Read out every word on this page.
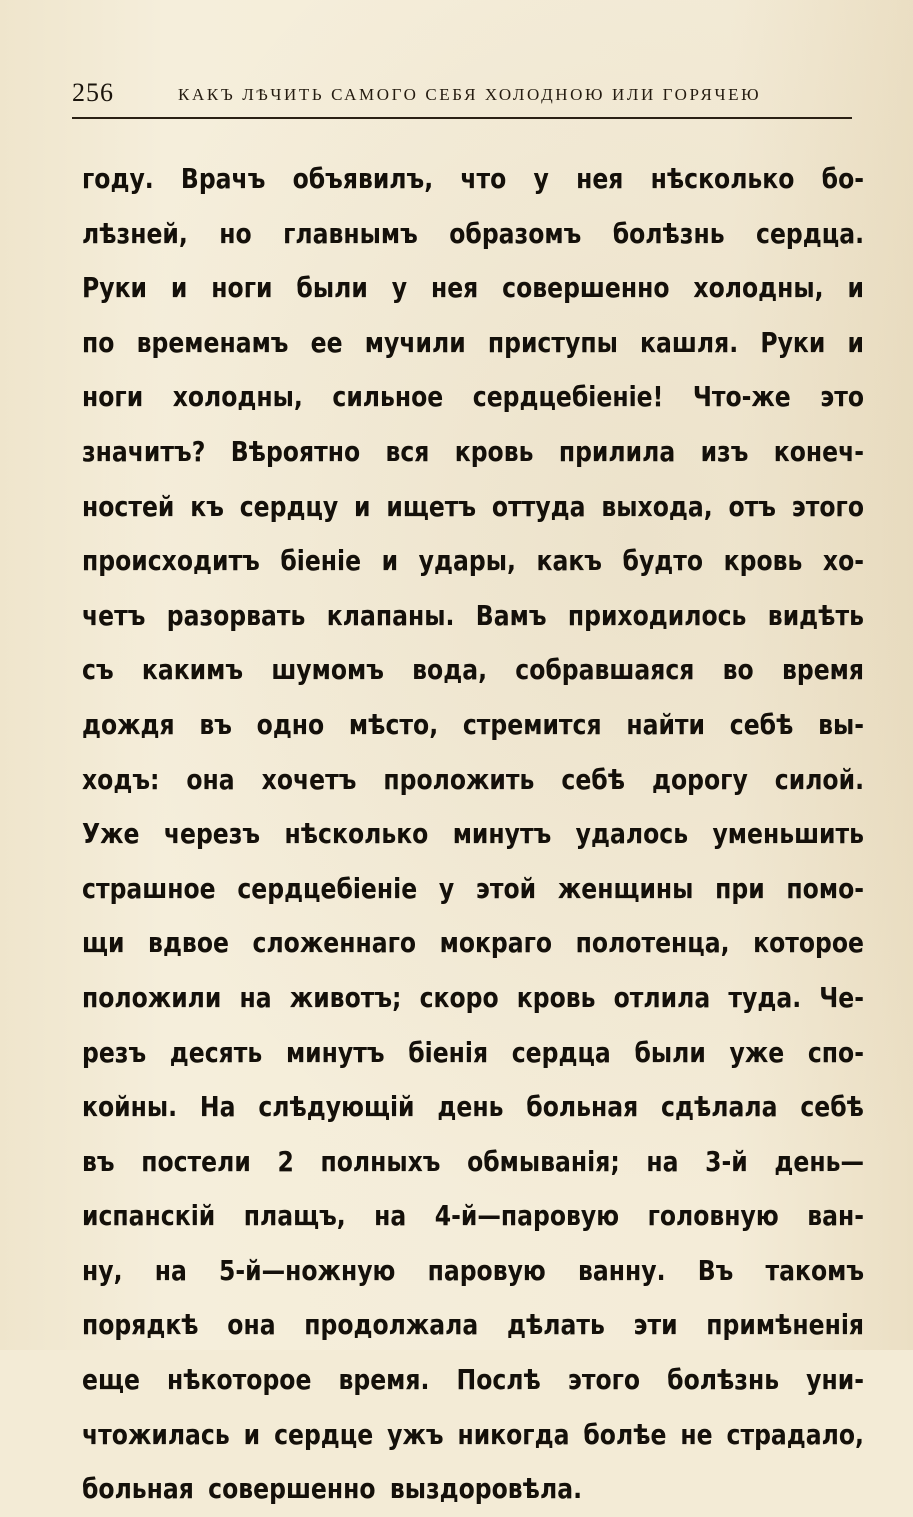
256	КАКЪ ЛѢЧИТЬ САМОГО СЕБЯ ХОЛОДНОЮ ИЛИ ГОРЯЧЕЮ
году. Врачъ объявилъ, что у нея нѣсколько бо-
лѣзней, но главнымъ образомъ болѣзнь сердца.
Руки и ноги были у нея совершенно холодны, и
по временамъ ее мучили приступы кашля. Руки и
ноги холодны, сильное сердцебіеніе! Что-же это
значитъ? Вѣроятно вся кровь прилила изъ конеч-
ностей къ сердцу и ищетъ оттуда выхода, отъ этого
происходитъ біеніе и удары, какъ будто кровь хо-
четъ разорвать клапаны. Вамъ приходилось видѣть
съ какимъ шумомъ вода, собравшаяся во время
дождя въ одно мѣсто, стремится найти себѣ вы-
ходъ: она хочетъ проложить себѣ дорогу силой.
Уже черезъ нѣсколько минутъ удалось уменьшить
страшное сердцебіеніе у этой женщины при помо-
щи вдвое сложеннаго мокраго полотенца, которое
положили на животъ; скоро кровь отлила туда. Че-
резъ десять минутъ біенія сердца были уже спо-
койны. На слѣдующій день больная сдѣлала себѣ
въ постели 2 полныхъ обмыванія; на 3-й день—
испанскій плащъ, на 4-й—паровую головную ван-
ну, на 5-й—ножную паровую ванну. Въ такомъ
порядкѣ она продолжала дѣлать эти примѣненія
еще нѣкоторое время. Послѣ этого болѣзнь уни-
чтожилась и сердце ужъ никогда болѣе не страдало,
больная совершенно выздоровѣла.
